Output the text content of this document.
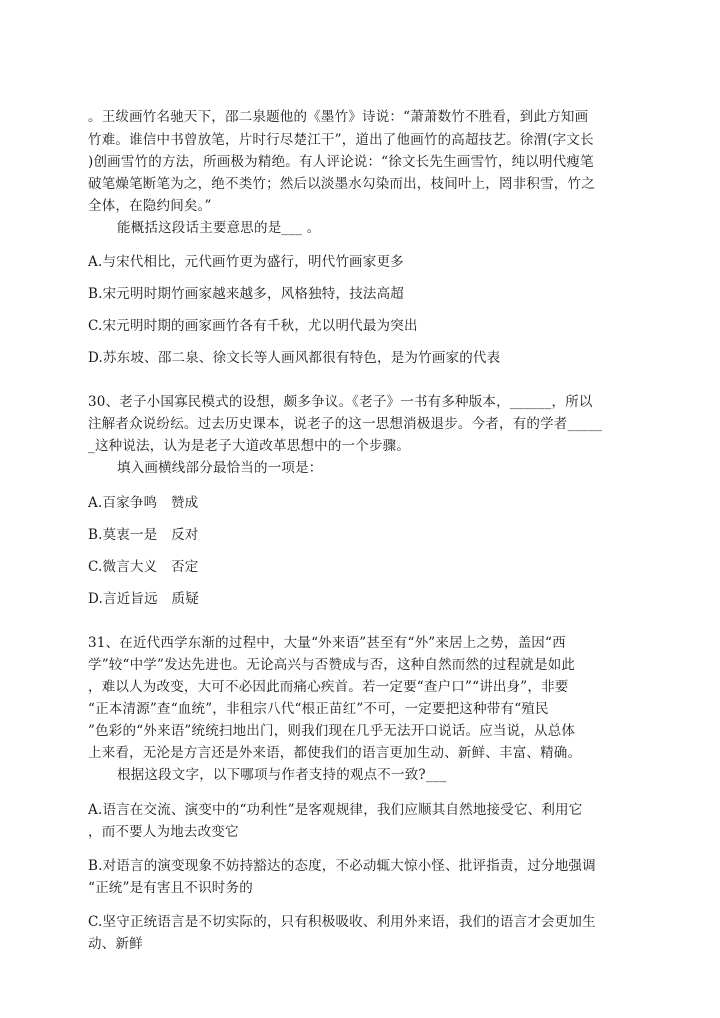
。王绂画竹名驰天下，邵二泉题他的《墨竹》诗说：“萧萧数竹不胜看，到此方知画
竹难。谁信中书曾放笔，片时行尽楚江干”，道出了他画竹的高超技艺。徐渭(字文长
)创画雪竹的方法，所画极为精绝。有人评论说：“徐文长先生画雪竹，纯以明代瘦笔
破笔燥笔断笔为之，绝不类竹；然后以淡墨水勾染而出，枝间叶上，罔非积雪，竹之
全体，在隐约间矣。”
能概括这段话主要意思的是___ 。
A.与宋代相比，元代画竹更为盛行，明代竹画家更多
B.宋元明时期竹画家越来越多，风格独特，技法高超
C.宋元明时期的画家画竹各有千秋，尤以明代最为突出
D.苏东坡、邵二泉、徐文长等人画风都很有特色，是为竹画家的代表
30、老子小国寡民模式的设想，颇多争议。《老子》一书有多种版本，______，所以
注解者众说纷纭。过去历史课本，说老子的这一思想消极退步。今者，有的学者_____
_这种说法，认为是老子大道改革思想中的一个步骤。
填入画横线部分最恰当的一项是：
A.百家争鸣　赞成
B.莫衷一是　反对
C.微言大义　否定
D.言近旨远　质疑
31、在近代西学东渐的过程中，大量“外来语”甚至有“外”来居上之势，盖因“西
学”较“中学”发达先进也。无论高兴与否赞成与否，这种自然而然的过程就是如此
，难以人为改变，大可不必因此而痛心疾首。若一定要“查户口”“讲出身”，非要
“正本清源”查“血统”，非租宗八代“根正苗红”不可，一定要把这种带有“殖民
”色彩的“外来语”统统扫地出门，则我们现在几乎无法开口说话。应当说，从总体
上来看，无沦是方言还是外来语，都使我们的语言更加生动、新鲜、丰富、精确。
根据这段文字，以下哪项与作者支持的观点不一致?___
A.语言在交流、演变中的“功利性”是客观规律，我们应顺其自然地接受它、利用它
，而不要人为地去改变它
B.对语言的演变现象不妨持豁达的态度，不必动辄大惊小怪、批评指责，过分地强调
“正统”是有害且不识时务的
C.坚守正统语言是不切实际的，只有积极吸收、利用外来语，我们的语言才会更加生
动、新鲜
